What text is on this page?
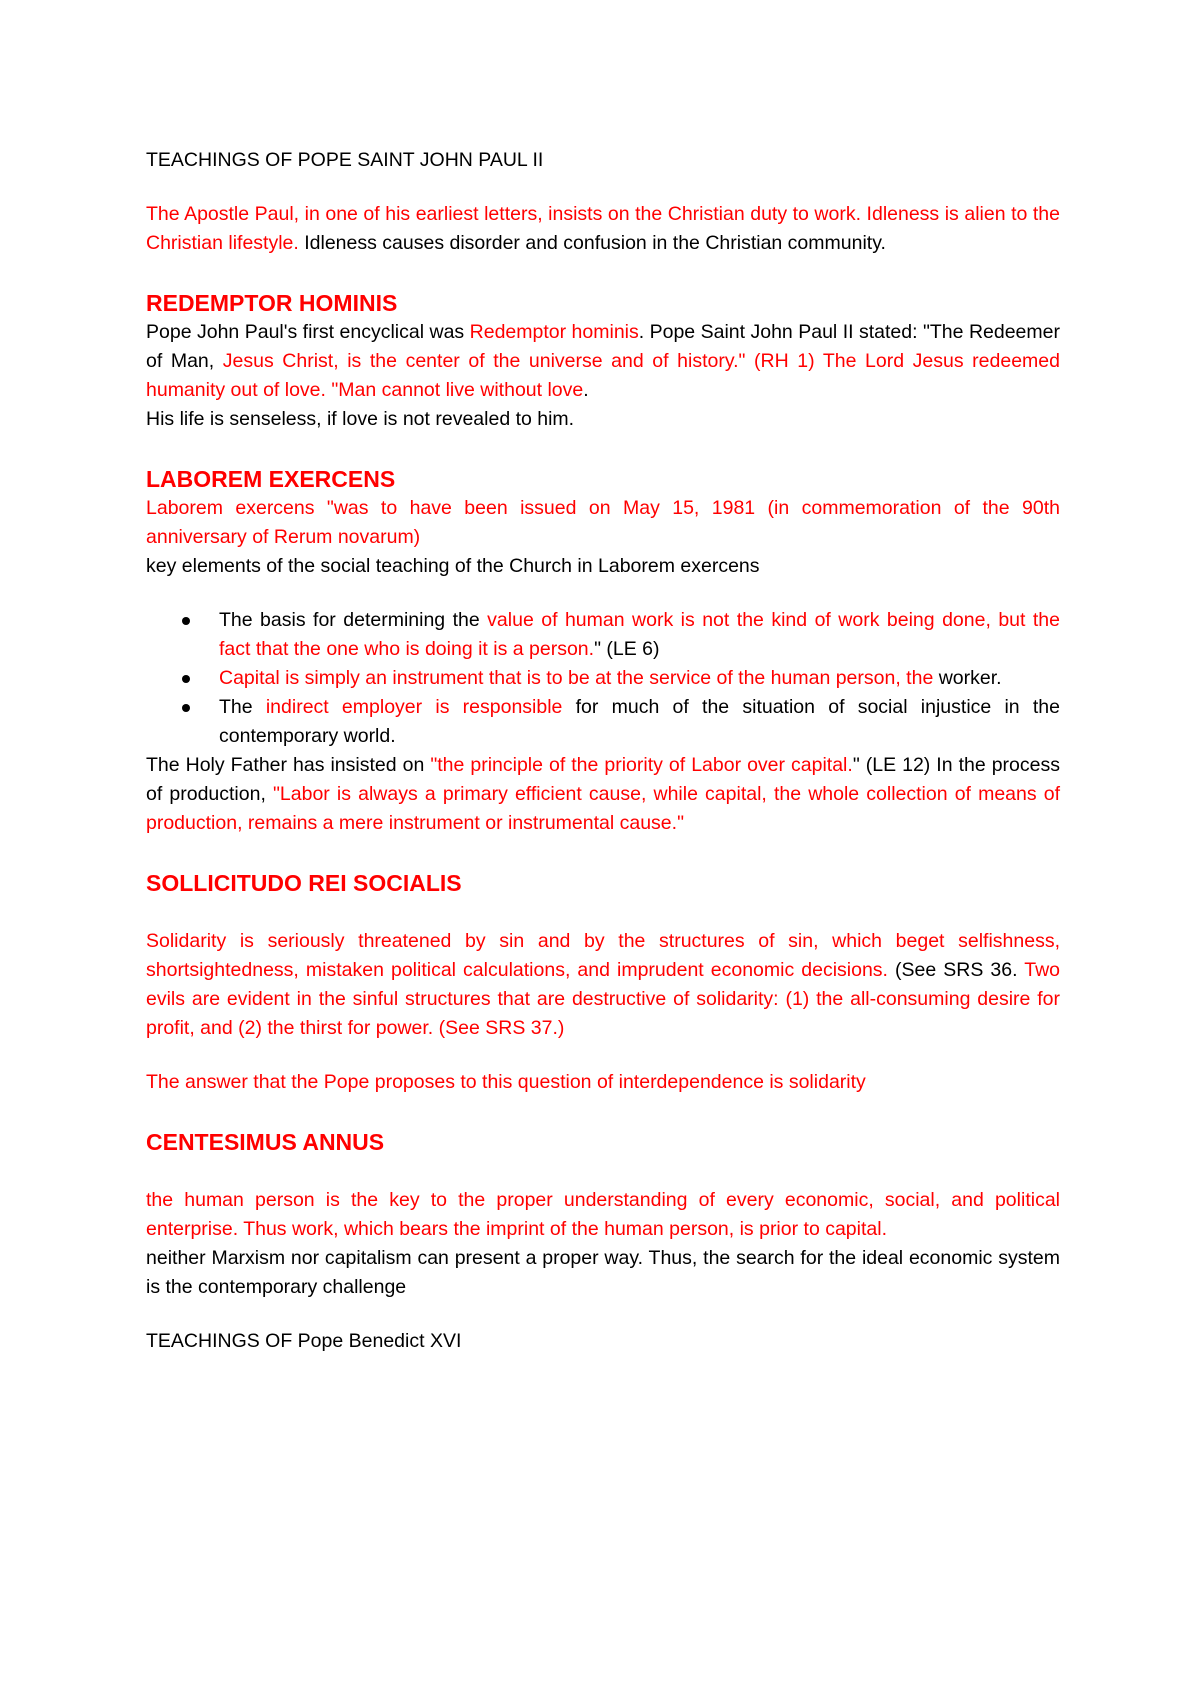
TEACHINGS OF POPE SAINT JOHN PAUL II

The Apostle Paul, in one of his earliest letters, insists on the Christian duty to work. Idleness is alien to the Christian lifestyle. Idleness causes disorder and confusion in the Christian community.

REDEMPTOR HOMINIS

Pope John Paul's first encyclical was Redemptor hominis. Pope Saint John Paul II stated: "The Redeemer of Man, Jesus Christ, is the center of the universe and of history." (RH 1) The Lord Jesus redeemed humanity out of love. "Man cannot live without love.

His life is senseless, if love is not revealed to him.

LABOREM EXERCENS

Laborem exercens "was to have been issued on May 15, 1981 (in commemoration of the 90th anniversary of Rerum novarum)

key elements of the social teaching of the Church in Laborem exercens

The basis for determining the value of human work is not the kind of work being done, but the fact that the one who is doing it is a person." (LE 6)
Capital is simply an instrument that is to be at the service of the human person, the worker.
The indirect employer is responsible for much of the situation of social injustice in the contemporary world.

The Holy Father has insisted on "the principle of the priority of Labor over capital." (LE 12) In the process of production, "Labor is always a primary efficient cause, while capital, the whole collection of means of production, remains a mere instrument or instrumental cause."

SOLLICITUDO REI SOCIALIS

Solidarity is seriously threatened by sin and by the structures of sin, which beget selfishness, shortsightedness, mistaken political calculations, and imprudent economic decisions. (See SRS 36. Two evils are evident in the sinful structures that are destructive of solidarity: (1) the all-consuming desire for profit, and (2) the thirst for power. (See SRS 37.)

The answer that the Pope proposes to this question of interdependence is solidarity

CENTESIMUS ANNUS

the human person is the key to the proper understanding of every economic, social, and political enterprise. Thus work, which bears the imprint of the human person, is prior to capital.

neither Marxism nor capitalism can present a proper way. Thus, the search for the ideal economic system is the contemporary challenge

TEACHINGS OF Pope Benedict XVI
